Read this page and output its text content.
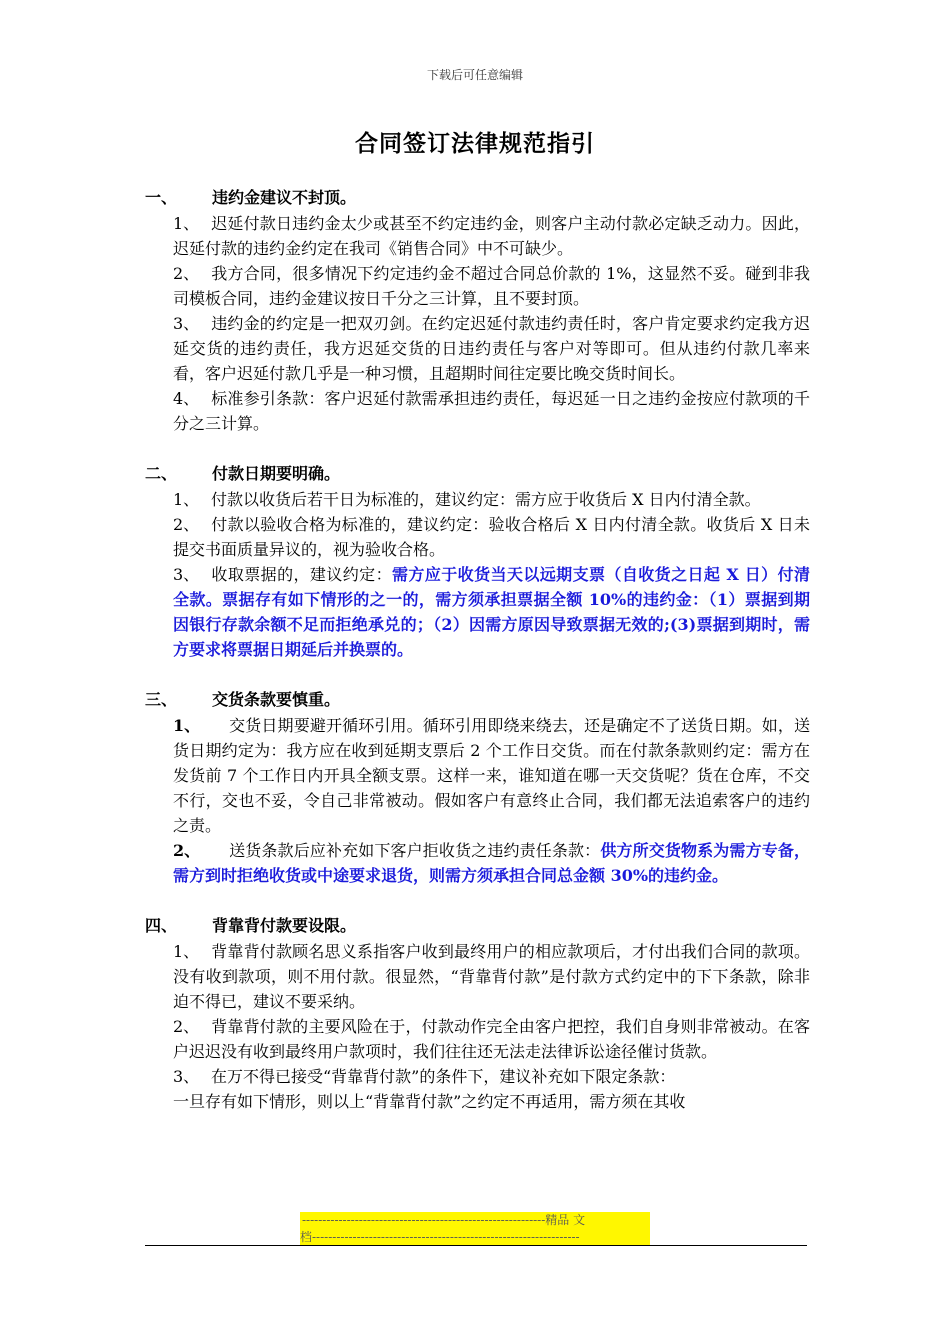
下载后可任意编辑
合同签订法律规范指引
一、	违约金建议不封顶。
1、 迟延付款日违约金太少或甚至不约定违约金，则客户主动付款必定缺乏动力。因此，迟延付款的违约金约定在我司《销售合同》中不可缺少。
2、 我方合同，很多情况下约定违约金不超过合同总价款的 1%，这显然不妥。碰到非我司模板合同，违约金建议按日千分之三计算，且不要封顶。
3、 违约金的约定是一把双刃剑。在约定迟延付款违约责任时，客户肯定要求约定我方迟延交货的违约责任，我方迟延交货的日违约责任与客户对等即可。但从违约付款几率来看，客户迟延付款几乎是一种习惯，且超期时间往定要比晚交货时间长。
4、 标准参引条款：客户迟延付款需承担违约责任，每迟延一日之违约金按应付款项的千分之三计算。
二、	付款日期要明确。
1、 付款以收货后若干日为标准的，建议约定：需方应于收货后 X 日内付清全款。
2、 付款以验收合格为标准的，建议约定：验收合格后 X 日内付清全款。收货后 X 日未提交书面质量异议的，视为验收合格。
3、 收取票据的，建议约定：需方应于收货当天以远期支票（自收货之日起 X 日）付清全款。票据存有如下情形的之一的，需方须承担票据全额 10%的违约金：（1）票据到期因银行存款余额不足而拒绝承兑的；（2）因需方原因导致票据无效的;(3)票据到期时，需方要求将票据日期延后并换票的。
三、	交货条款要慎重。
1、 交货日期要避开循环引用。循环引用即绕来绕去，还是确定不了送货日期。如，送货日期约定为：我方应在收到延期支票后 2 个工作日交货。而在付款条款则约定：需方在发货前 7 个工作日内开具全额支票。这样一来，谁知道在哪一天交货呢？货在仓库，不交不行，交也不妥，令自己非常被动。假如客户有意终止合同，我们都无法追索客户的违约之责。
2、 送货条款后应补充如下客户拒收货之违约责任条款：供方所交货物系为需方专备，需方到时拒绝收货或中途要求退货，则需方须承担合同总金额 30%的违约金。
四、	背靠背付款要设限。
1、 背靠背付款顾名思义系指客户收到最终用户的相应款项后，才付出我们合同的款项。没有收到款项，则不用付款。很显然，“背靠背付款”是付款方式约定中的下下条款，除非迫不得已，建议不要采纳。
2、 背靠背付款的主要风险在于，付款动作完全由客户把控，我们自身则非常被动。在客户迟迟没有收到最终用户款项时，我们往往还无法走法律诉讼途径催讨货款。
3、 在万不得已接受“背靠背付款”的条件下，建议补充如下限定条款：
一旦存有如下情形，则以上“背靠背付款”之约定不再适用，需方须在其收
------------------------------------------------------------精品 文
档------------------------------------------------------------------
